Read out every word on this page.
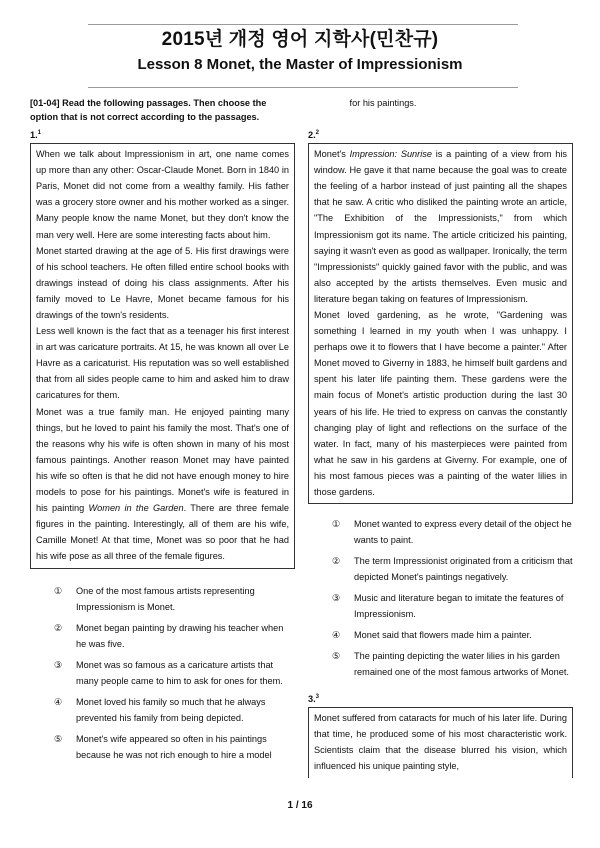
2015년 개정 영어 지학사(민찬규)
Lesson 8 Monet, the Master of Impressionism
[01-04] Read the following passages. Then choose the option that is not correct according to the passages.
1.$^1$

When we talk about Impressionism in art, one name comes up more than any other: Oscar-Claude Monet. Born in 1840 in Paris, Monet did not come from a wealthy family. His father was a grocery store owner and his mother worked as a singer. Many people know the name Monet, but they don't know the man very well. Here are some interesting facts about him.

Monet started drawing at the age of 5. His first drawings were of his school teachers. He often filled entire school books with drawings instead of doing his class assignments. After his family moved to Le Havre, Monet became famous for his drawings of the town's residents.

Less well known is the fact that as a teenager his first interest in art was caricature portraits. At 15, he was known all over Le Havre as a caricaturist. His reputation was so well established that from all sides people came to him and asked him to draw caricatures for them.

Monet was a true family man. He enjoyed painting many things, but he loved to paint his family the most. That's one of the reasons why his wife is often shown in many of his most famous paintings. Another reason Monet may have painted his wife so often is that he did not have enough money to hire models to pose for his paintings. Monet's wife is featured in his painting Women in the Garden. There are three female figures in the painting. Interestingly, all of them are his wife, Camille Monet! At that time, Monet was so poor that he had his wife pose as all three of the female figures.

① One of the most famous artists representing Impressionism is Monet.
② Monet began painting by drawing his teacher when he was five.
③ Monet was so famous as a caricature artists that many people came to him to ask for ones for them.
④ Monet loved his family so much that he always prevented his family from being depicted.
⑤ Monet's wife appeared so often in his paintings because he was not rich enough to hire a model
for his paintings.
2.$^2$

Monet's Impression: Sunrise is a painting of a view from his window. He gave it that name because the goal was to create the feeling of a harbor instead of just painting all the shapes that he saw. A critic who disliked the painting wrote an article, "The Exhibition of the Impressionists," from which Impressionism got its name. The article criticized his painting, saying it wasn't even as good as wallpaper. Ironically, the term "Impressionists" quickly gained favor with the public, and was also accepted by the artists themselves. Even music and literature began taking on features of Impressionism.

Monet loved gardening, as he wrote, "Gardening was something I learned in my youth when I was unhappy. I perhaps owe it to flowers that I have become a painter." After Monet moved to Giverny in 1883, he himself built gardens and spent his later life painting them. These gardens were the main focus of Monet's artistic production during the last 30 years of his life. He tried to express on canvas the constantly changing play of light and reflections on the surface of the water. In fact, many of his masterpieces were painted from what he saw in his gardens at Giverny. For example, one of his most famous pieces was a painting of the water lilies in those gardens.

① Monet wanted to express every detail of the object he wants to paint.
② The term Impressionist originated from a criticism that depicted Monet's paintings negatively.
③ Music and literature began to imitate the features of Impressionism.
④ Monet said that flowers made him a painter.
⑤ The painting depicting the water lilies in his garden remained one of the most famous artworks of Monet.
3.$^3$

Monet suffered from cataracts for much of his later life. During that time, he produced some of his most characteristic work. Scientists claim that the disease blurred his vision, which influenced his unique painting style,

1 / 16
